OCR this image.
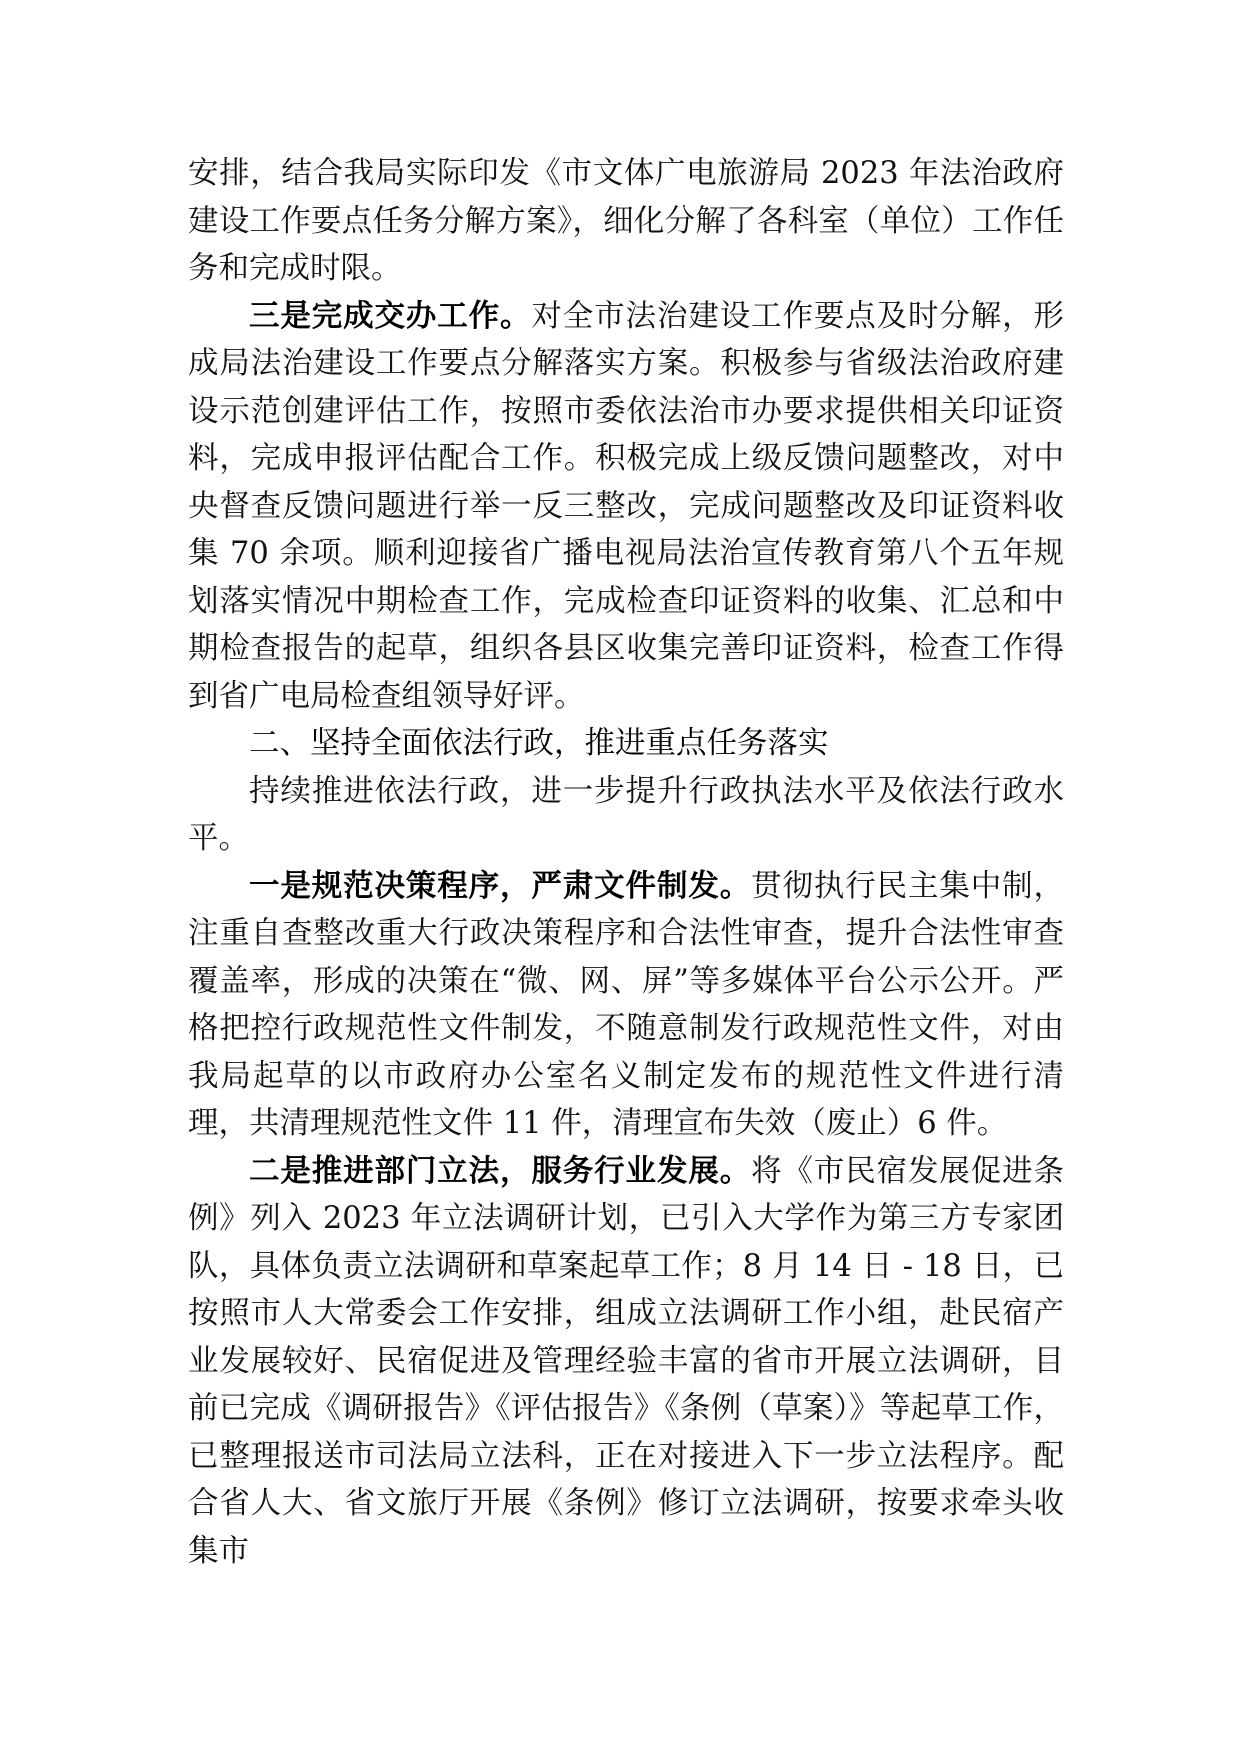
安排，结合我局实际印发《市文体广电旅游局 2023 年法治政府建设工作要点任务分解方案》，细化分解了各科室（单位）工作任务和完成时限。

三是完成交办工作。对全市法治建设工作要点及时分解，形成局法治建设工作要点分解落实方案。积极参与省级法治政府建设示范创建评估工作，按照市委依法治市办要求提供相关印证资料，完成申报评估配合工作。积极完成上级反馈问题整改，对中央督查反馈问题进行举一反三整改，完成问题整改及印证资料收集 70 余项。顺利迎接省广播电视局法治宣传教育第八个五年规划落实情况中期检查工作，完成检查印证资料的收集、汇总和中期检查报告的起草，组织各县区收集完善印证资料，检查工作得到省广电局检查组领导好评。

二、坚持全面依法行政，推进重点任务落实

持续推进依法行政，进一步提升行政执法水平及依法行政水平。

一是规范决策程序，严肃文件制发。贯彻执行民主集中制，注重自查整改重大行政决策程序和合法性审查，提升合法性审查覆盖率，形成的决策在“微、网、屏”等多媒体平台公示公开。严格把控行政规范性文件制发，不随意制发行政规范性文件，对由我局起草的以市政府办公室名义制定发布的规范性文件进行清理，共清理规范性文件 11 件，清理宣布失效（废止）6 件。

二是推进部门立法，服务行业发展。将《市民宿发展促进条例》列入 2023 年立法调研计划，已引入大学作为第三方专家团队，具体负责立法调研和草案起草工作；8 月 14 日 - 18 日，已按照市人大常委会工作安排，组成立法调研工作小组，赴民宿产业发展较好、民宿促进及管理经验丰富的省市开展立法调研，目前已完成《调研报告》《评估报告》《条例（草案）》等起草工作，已整理报送市司法局立法科，正在对接进入下一步立法程序。配合省人大、省文旅厅开展《条例》修订立法调研，按要求牵头收集市
